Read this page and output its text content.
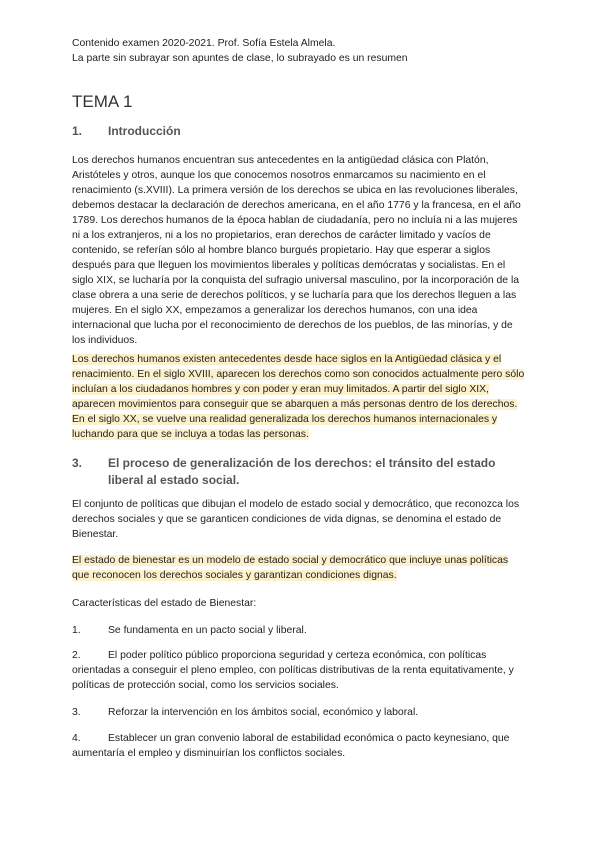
Contenido examen 2020-2021. Prof. Sofía Estela Almela.
La parte sin subrayar son apuntes de clase, lo subrayado es un resumen
TEMA 1
1. Introducción

Los derechos humanos encuentran sus antecedentes en la antigüedad clásica con Platón, Aristóteles y otros, aunque los que conocemos nosotros enmarcamos su nacimiento en el renacimiento (s.XVIII). La primera versión de los derechos se ubica en las revoluciones liberales, debemos destacar la declaración de derechos americana, en el año 1776 y la francesa, en el año 1789. Los derechos humanos de la época hablan de ciudadanía, pero no incluía ni a las mujeres ni a los extranjeros, ni a los no propietarios, eran derechos de carácter limitado y vacíos de contenido, se referían sólo al hombre blanco burgués propietario. Hay que esperar a siglos después para que lleguen los movimientos liberales y políticas demócratas y socialistas. En el siglo XIX, se lucharía por la conquista del sufragio universal masculino, por la incorporación de la clase obrera a una serie de derechos políticos, y se lucharía para que los derechos lleguen a las mujeres. En el siglo XX, empezamos a generalizar los derechos humanos, con una idea internacional que lucha por el reconocimiento de derechos de los pueblos, de las minorías, y de los individuos.

Los derechos humanos existen antecedentes desde hace siglos en la Antigüedad clásica y el renacimiento. En el siglo XVIII, aparecen los derechos como son conocidos actualmente pero sólo incluían a los ciudadanos hombres y con poder y eran muy limitados. A partir del siglo XIX, aparecen movimientos para conseguir que se abarquen a más personas dentro de los derechos. En el siglo XX, se vuelve una realidad generalizada los derechos humanos internacionales y luchando para que se incluya a todas las personas.

3.	El proceso de generalización de los derechos: el tránsito del estado liberal al estado social.

El conjunto de políticas que dibujan el modelo de estado social y democrático, que reconozca los derechos sociales y que se garanticen condiciones de vida dignas, se denomina el estado de Bienestar.

El estado de bienestar es un modelo de estado social y democrático que incluye unas políticas que reconocen los derechos sociales y garantizan condiciones dignas.

Características del estado de Bienestar:

1.	Se fundamenta en un pacto social y liberal.

2.	El poder político público proporciona seguridad y certeza económica, con políticas orientadas a conseguir el pleno empleo, con políticas distributivas de la renta equitativamente, y políticas de protección social, como los servicios sociales.

3.	Reforzar la intervención en los ámbitos social, económico y laboral.

4.	Establecer un gran convenio laboral de estabilidad económica o pacto keynesiano, que aumentaría el empleo y disminuirían los conflictos sociales.
